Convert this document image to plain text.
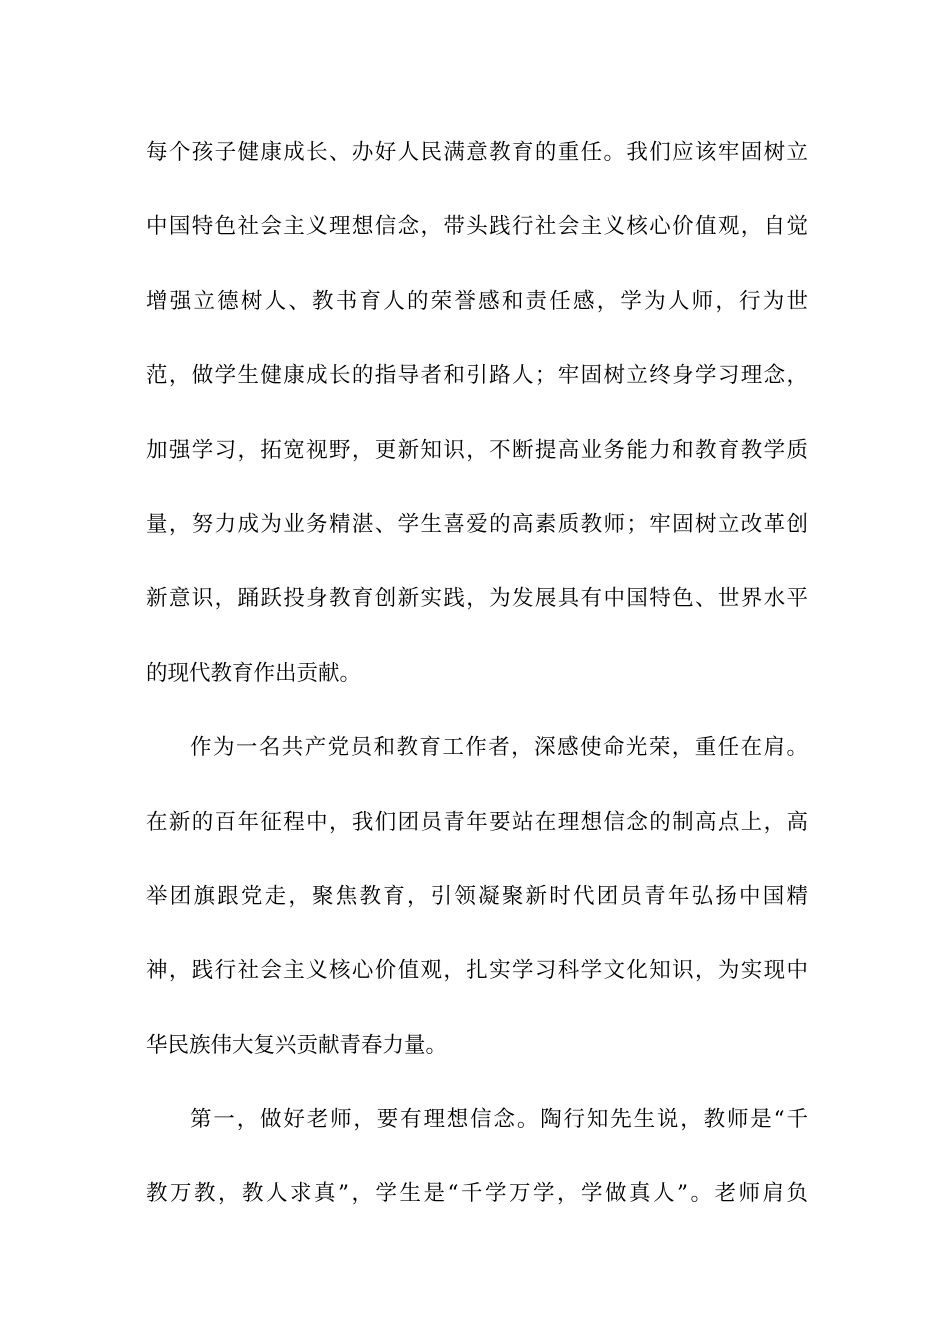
每个孩子健康成长、办好人民满意教育的重任。我们应该牢固树立
中国特色社会主义理想信念，带头践行社会主义核心价值观，自觉
增强立德树人、教书育人的荣誉感和责任感，学为人师，行为世
范，做学生健康成长的指导者和引路人；牢固树立终身学习理念，
加强学习，拓宽视野，更新知识，不断提高业务能力和教育教学质
量，努力成为业务精湛、学生喜爱的高素质教师；牢固树立改革创
新意识，踊跃投身教育创新实践，为发展具有中国特色、世界水平
的现代教育作出贡献。
作为一名共产党员和教育工作者，深感使命光荣，重任在肩。
在新的百年征程中，我们团员青年要站在理想信念的制高点上，高
举团旗跟党走，聚焦教育，引领凝聚新时代团员青年弘扬中国精
神，践行社会主义核心价值观，扎实学习科学文化知识，为实现中
华民族伟大复兴贡献青春力量。
第一，做好老师，要有理想信念。陶行知先生说，教师是“千
教万教，教人求真”，学生是“千学万学，学做真人”。老师肩负
